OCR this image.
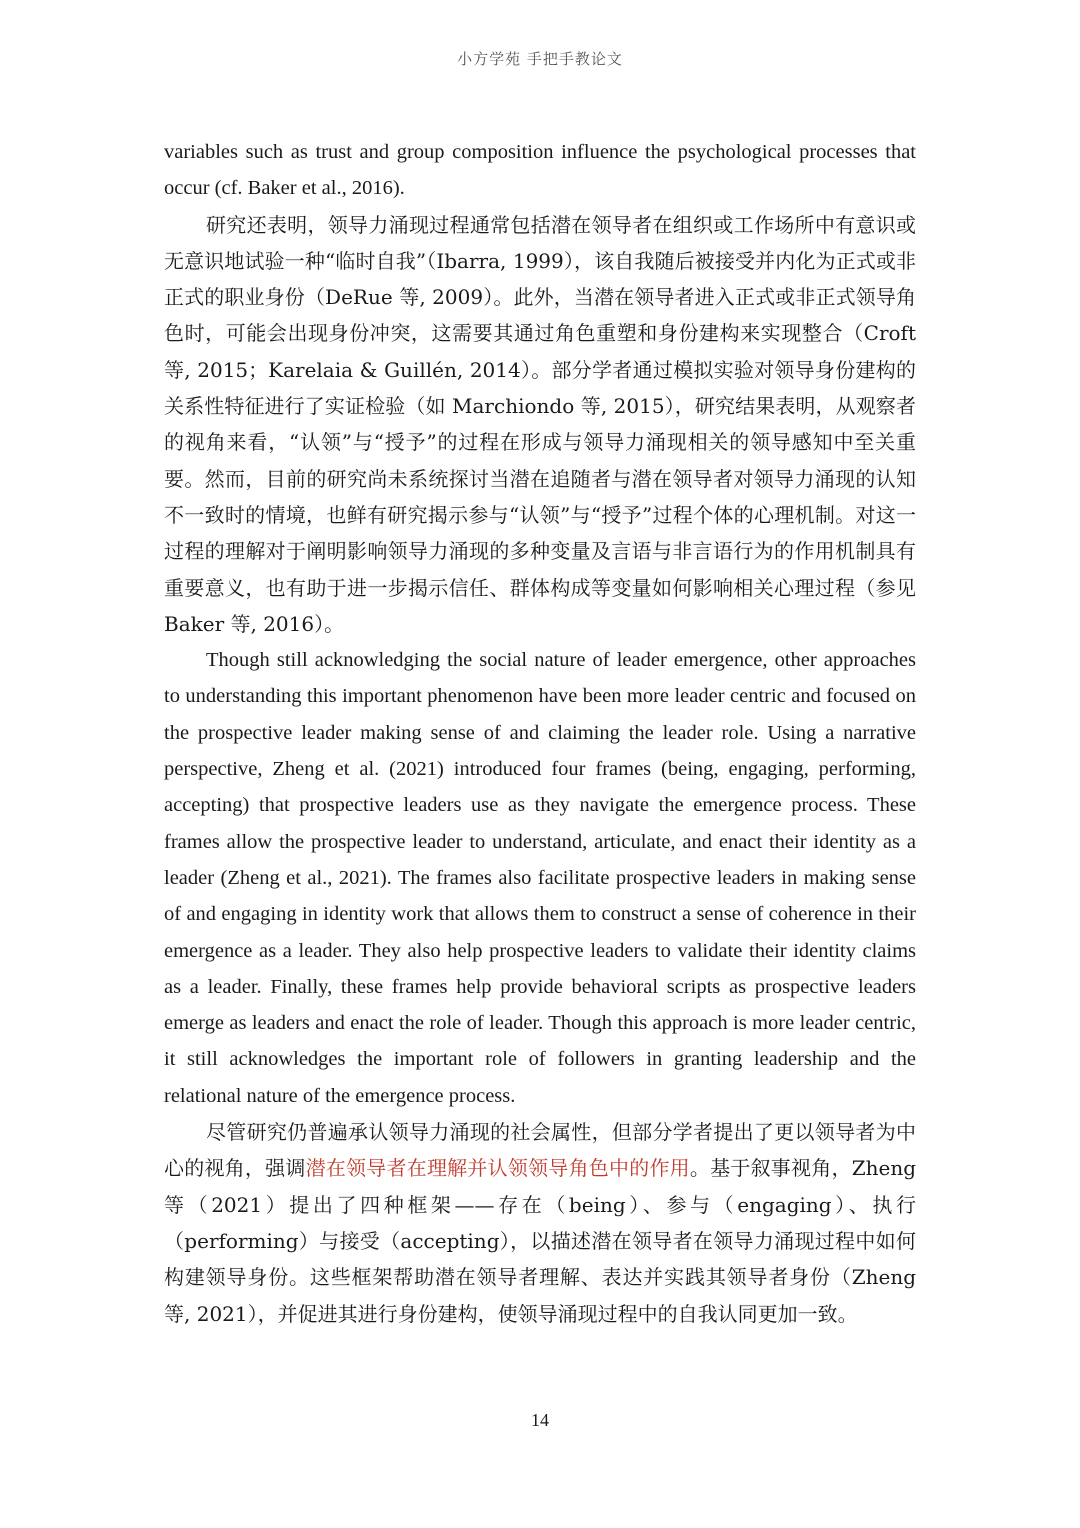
小方学苑 手把手教论文

variables such as trust and group composition influence the psychological processes that occur (cf. Baker et al., 2016).

研究还表明，领导力涌现过程通常包括潜在领导者在组织或工作场所中有意识或无意识地试验一种“临时自我”（Ibarra, 1999），该自我随后被接受并内化为正式或非正式的职业身份（DeRue 等, 2009）。此外，当潜在领导者进入正式或非正式领导角色时，可能会出现身份冲突，这需要其通过角色重塑和身份建构来实现整合（Croft 等, 2015；Karelaia & Guillén, 2014）。部分学者通过模拟实验对领导身份建构的关系性特征进行了实证检验（如 Marchiondo 等, 2015），研究结果表明，从观察者的视角来看，“认领”与“授予”的过程在形成与领导力涌现相关的领导感知中至关重要。然而，目前的研究尚未系统探讨当潜在追随者与潜在领导者对领导力涌现的认知不一致时的情境，也鲜有研究揭示参与“认领”与“授予”过程个体的心理机制。对这一过程的理解对于阐明影响领导力涌现的多种变量及言语与非言语行为的作用机制具有重要意义，也有助于进一步揭示信任、群体构成等变量如何影响相关心理过程（参见 Baker 等, 2016）。

Though still acknowledging the social nature of leader emergence, other approaches to understanding this important phenomenon have been more leader centric and focused on the prospective leader making sense of and claiming the leader role. Using a narrative perspective, Zheng et al. (2021) introduced four frames (being, engaging, performing, accepting) that prospective leaders use as they navigate the emergence process. These frames allow the prospective leader to understand, articulate, and enact their identity as a leader (Zheng et al., 2021). The frames also facilitate prospective leaders in making sense of and engaging in identity work that allows them to construct a sense of coherence in their emergence as a leader. They also help prospective leaders to validate their identity claims as a leader. Finally, these frames help provide behavioral scripts as prospective leaders emerge as leaders and enact the role of leader. Though this approach is more leader centric, it still acknowledges the important role of followers in granting leadership and the relational nature of the emergence process.

尽管研究仍普遍承认领导力涌现的社会属性，但部分学者提出了更以领导者为中心的视角，强调潜在领导者在理解并认领领导角色中的作用。基于叙事视角，Zheng 等（2021）提出了四种框架——存在（being）、参与（engaging）、执行（performing）与接受（accepting），以描述潜在领导者在领导力涌现过程中如何构建领导身份。这些框架帮助潜在领导者理解、表达并实践其领导者身份（Zheng 等, 2021），并促进其进行身份建构，使领导涌现过程中的自我认同更加一致。

14
